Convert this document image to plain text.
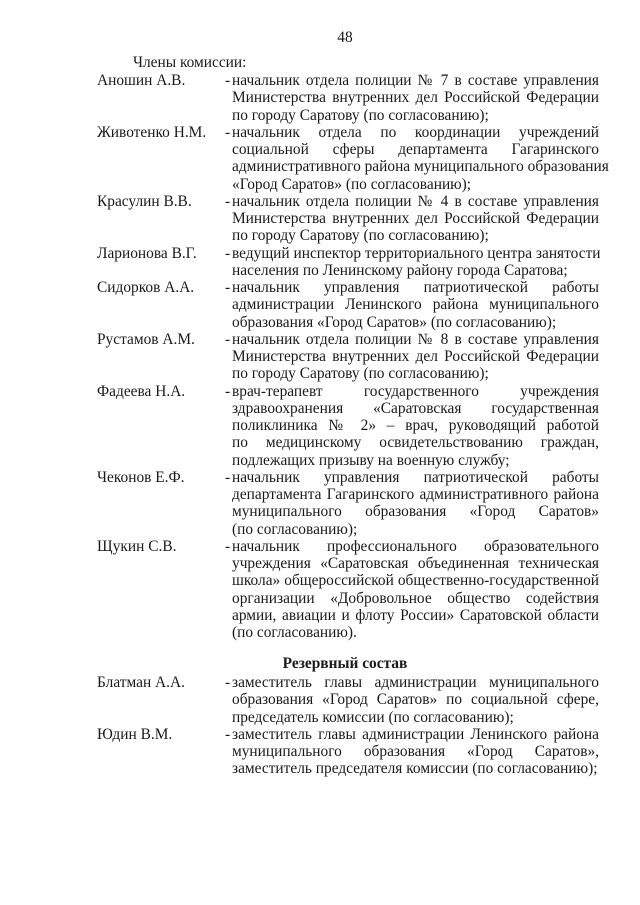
48
Члены комиссии:
Аношин А.В.	- начальник отдела полиции № 7 в составе управления
Министерства внутренних дел Российской Федерации
по городу Саратову (по согласованию);
Животенко Н.М. - начальник отдела по координации учреждений
социальной сферы департамента Гагаринского
административного района муниципального образования
«Город Саратов» (по согласованию);
Красулин В.В. - начальник отдела полиции № 4 в составе управления
Министерства внутренних дел Российской Федерации
по городу Саратову (по согласованию);
Ларионова В.Г. - ведущий инспектор территориального центра занятости
населения по Ленинскому району города Саратова;
Сидорков А.А. - начальник управления патриотической работы
администрации Ленинского района муниципального
образования «Город Саратов» (по согласованию);
Рустамов А.М. - начальник отдела полиции № 8 в составе управления
Министерства внутренних дел Российской Федерации
по городу Саратову (по согласованию);
Фадеева Н.А.	- врач-терапевт государственного учреждения
здравоохранения «Саратовская государственная
поликлиника № 2» – врач, руководящий работой
по медицинскому освидетельствованию граждан,
подлежащих призыву на военную службу;
Чеконов Е.Ф.	- начальник управления патриотической работы
департамента Гагаринского административного района
муниципального образования «Город Саратов»
(по согласованию);
Щукин С.В.	- начальник профессионального образовательного
учреждения «Саратовская объединенная техническая
школа» общероссийской общественно-государственной
организации «Добровольное общество содействия
армии, авиации и флоту России» Саратовской области
(по согласованию).
Резервный состав
Блатман А.А.	- заместитель главы администрации муниципального
образования «Город Саратов» по социальной сфере,
председатель комиссии (по согласованию);
Юдин В.М.	- заместитель главы администрации Ленинского района
муниципального образования «Город Саратов»,
заместитель председателя комиссии (по согласованию);
